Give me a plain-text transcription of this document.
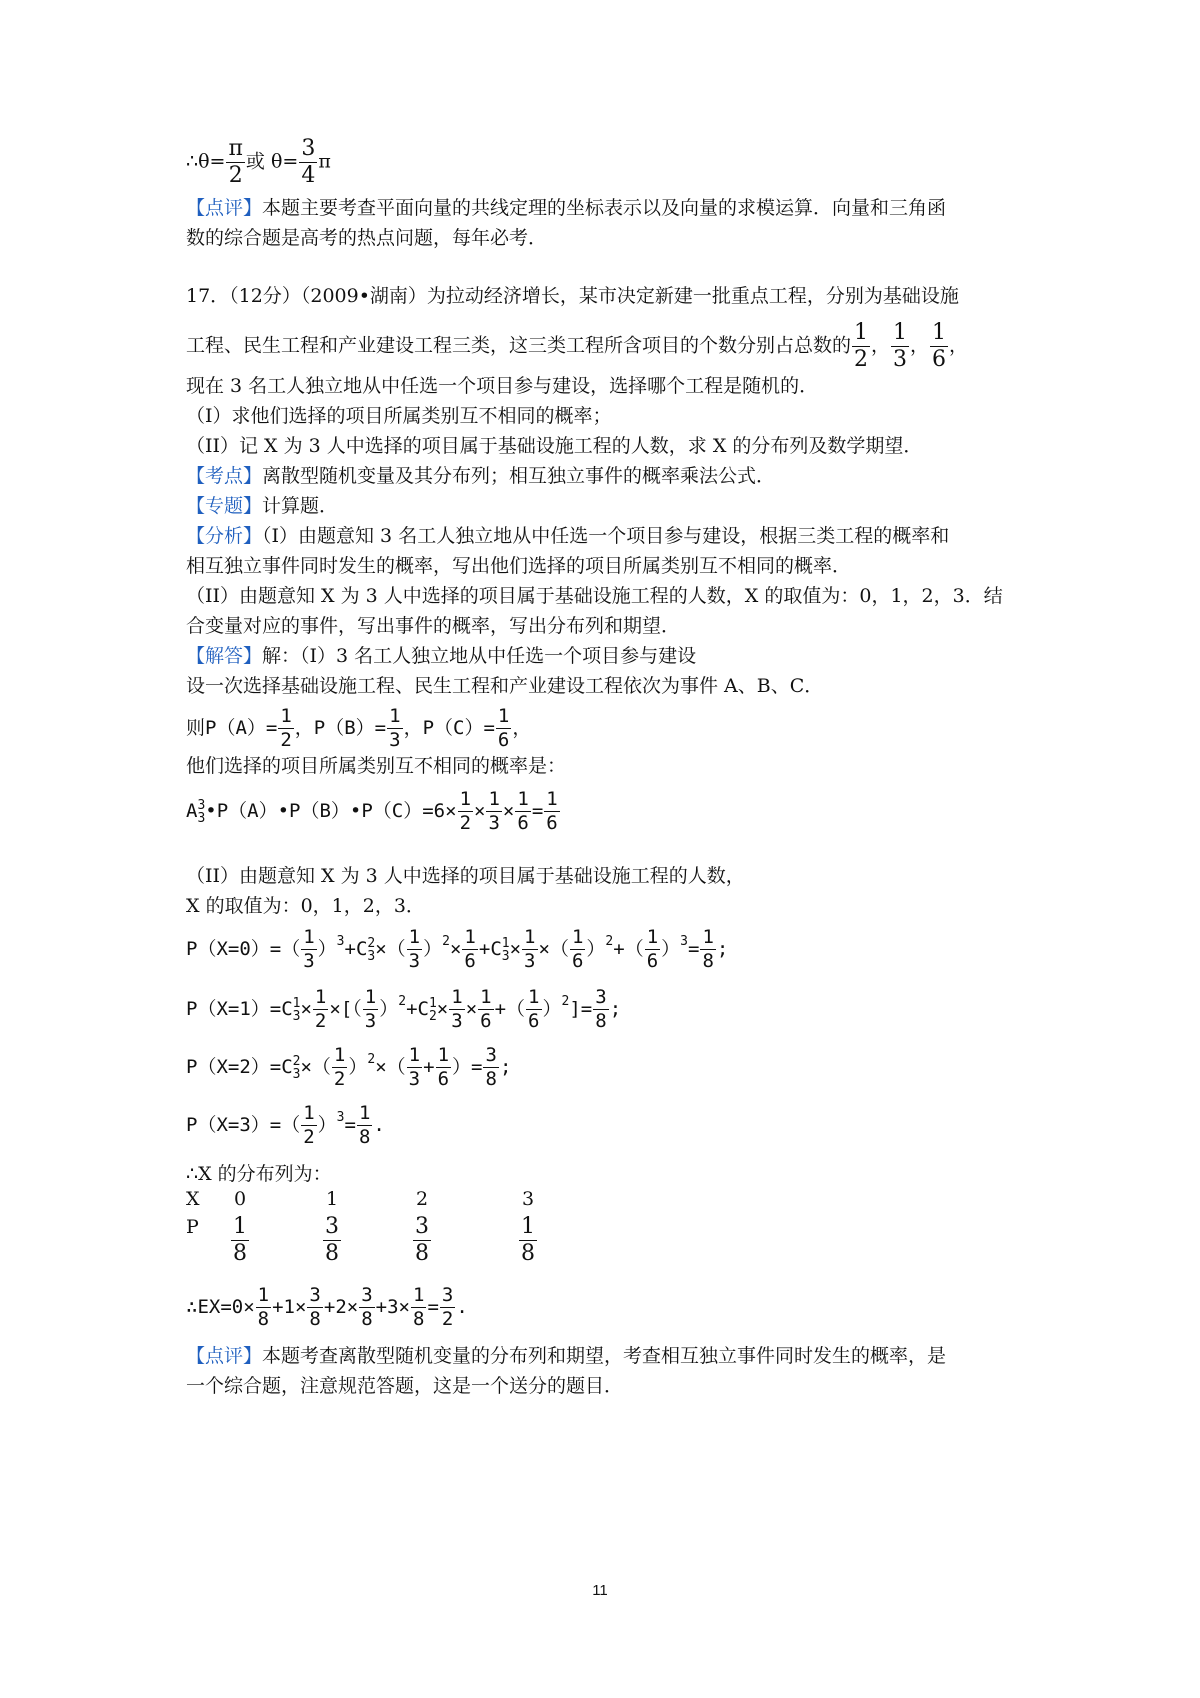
∴θ= $\frac{\pi}{2}$ 或 $\theta= \frac{3}{4}$ π
【点评】本题主要考查平面向量的共线定理的坐标表示以及向量的求模运算．向量和三角函
数的综合题是高考的热点问题，每年必考．
17．（12分）（2009•湖南）为拉动经济增长，某市决定新建一批重点工程，分别为基础设施
工程、民生工程和产业建设工程三类，这三类工程所含项目的个数分别占总数的 $\frac{1}{2}$ ， $\frac{1}{3}$ ， $\frac{1}{6}$ ，
现在 3 名工人独立地从中任选一个项目参与建设，选择哪个工程是随机的．
（I）求他们选择的项目所属类别互不相同的概率；
（II）记 X 为 3 人中选择的项目属于基础设施工程的人数，求 X 的分布列及数学期望．
【考点】离散型随机变量及其分布列；相互独立事件的概率乘法公式．
【专题】计算题．
【分析】（I）由题意知 3 名工人独立地从中任选一个项目参与建设，根据三类工程的概率和
相互独立事件同时发生的概率，写出他们选择的项目所属类别互不相同的概率．
（II）由题意知 X 为 3 人中选择的项目属于基础设施工程的人数，X 的取值为：0，1，2，3．结
合变量对应的事件，写出事件的概率，写出分布列和期望．
【解答】解：（I）3 名工人独立地从中任选一个项目参与建设
设一次选择基础设施工程、民生工程和产业建设工程依次为事件 A、B、C．
则$P(A)= \frac{1}{2}$ ，$P(B)= \frac{1}{3}$ ，$P(C)= \frac{1}{6}$ ，
他们选择的项目所属类别互不相同的概率是：
A 3
3 •P（A）•P（B）•P（C）=6× $\frac{1}{2} \times \frac{1}{3} \times \frac{1}{6} = \frac{1}{6}$
（II）由题意知 X 为 3 人中选择的项目属于基础设施工程的人数，
X 的取值为：0，1，2，3．
$P(X=0)=( \frac{1}{3} )^3+C$ 2
3 ×（ $\frac{1}{3} )^2\times \frac{1}{6} +C$ 1
$3 \times \frac{1}{3}$ ×（ $\frac{1}{6} )^2+( \frac{1}{6} )^3= \frac{1}{8}$ ;
P（X=1）=C 1
$3 \times \frac{1}{2}$ ×[（ $\frac{1}{3} )^2+C$ 1
$2 \times \frac{1}{3} \times \frac{1}{6}$ +（ $\frac{1}{6} )^2]= \frac{3}{8}$ ;
P（X=2）=C 2
3 ×（ $\frac{1}{2} )^2\times( \frac{1}{3} + \frac{1}{6}$ ）= $\frac{3}{8}$ ;
$P(X=3)=( \frac{1}{2} )^3= \frac{1}{8}$ .
∴X 的分布列为：
X 0	1	2	3
P $\frac{1}{8}$	$\frac{3}{8}$	$\frac{3}{8}$	$\frac{1}{8}$
∴EX=0× $\frac{1}{8} +1\times \frac{3}{8} +2\times \frac{3}{8} +3\times \frac{1}{8} = \frac{3}{2}$ .
【点评】本题考查离散型随机变量的分布列和期望，考查相互独立事件同时发生的概率，是
一个综合题，注意规范答题，这是一个送分的题目．
11
